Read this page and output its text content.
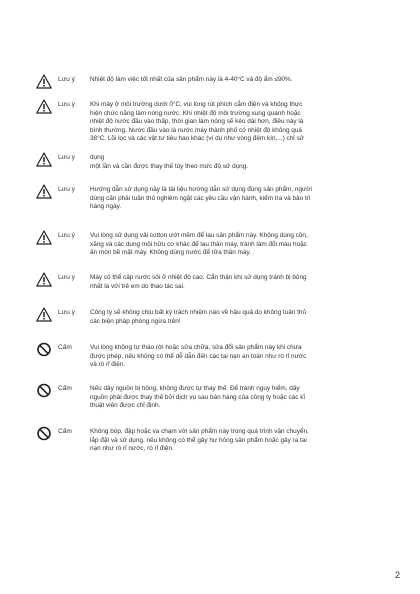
Lưu ý Nhiệt độ làm việc tốt nhất của sản phẩm này là 4-40°C và độ ẩm ≤90%.
Lưu ý Khi máy ở môi trường dưới 0°C, vui lòng rút phích cắm điện và không thực
hiện chức năng làm nóng nước. Khi nhiệt độ môi trường xung quanh hoặc
nhiệt độ nước đầu vào thấp, thời gian làm nóng sẽ kéo dài hơn, điều này là
bình thường. Nước đầu vào là nước máy thành phố có nhiệt độ không quá
38°C. Lõi lọc và các vật tư tiêu hao khác (ví dụ như vòng đệm kín,...) chỉ sử
Lưu ý dụng
một lần và cần được thay thế tùy theo mức độ sử dụng.
Lưu ý Hướng dẫn sử dụng này là tài liệu hướng dẫn sử dụng đúng sản phẩm, người
dùng cần phải tuân thủ nghiêm ngặt các yêu cầu vận hành, kiểm tra và bảo trì
hàng ngày.
Lưu ý Vui lòng sử dụng vải cotton ướt mềm để lau sản phẩm này. Không dùng cồn,
xăng và các dung môi hữu cơ khác để lau thân máy, tránh làm đổi màu hoặc
ăn mòn bề mặt máy. Không dùng nước để rửa thân máy.
Lưu ý Máy có thể cấp nước sôi ở nhiệt độ cao. Cẩn thận khi sử dụng tránh bị bỏng
nhất là với trẻ em do thao tác sai.
Lưu ý Công ty sẽ không chịu bất kỳ trách nhiệm nào về hậu quả do không tuân thủ
các biện pháp phòng ngừa trên!
Cấm	Vui lòng không tự tháo rời hoặc sửa chữa, sửa đổi sản phẩm này khi chưa
được phép, nếu không có thể dễ dẫn đến các tai nạn an toàn như rò rỉ nước
và rò rỉ điện.
Cấm	Nếu dây nguồn bị hỏng, không được tự thay thế. Để tránh nguy hiểm, dây
nguồn phải được thay thế bởi dịch vụ sau bán hàng của công ty hoặc các kĩ
thuật viên được chỉ định.
Cấm	Không bóp, đập hoặc va chạm với sản phẩm này trong quá trình vận chuyển,
lắp đặt và sử dụng, nếu không có thể gây hư hỏng sản phẩm hoặc gây ra tai
nạn như rò rỉ nước, rò rỉ điện.
2
